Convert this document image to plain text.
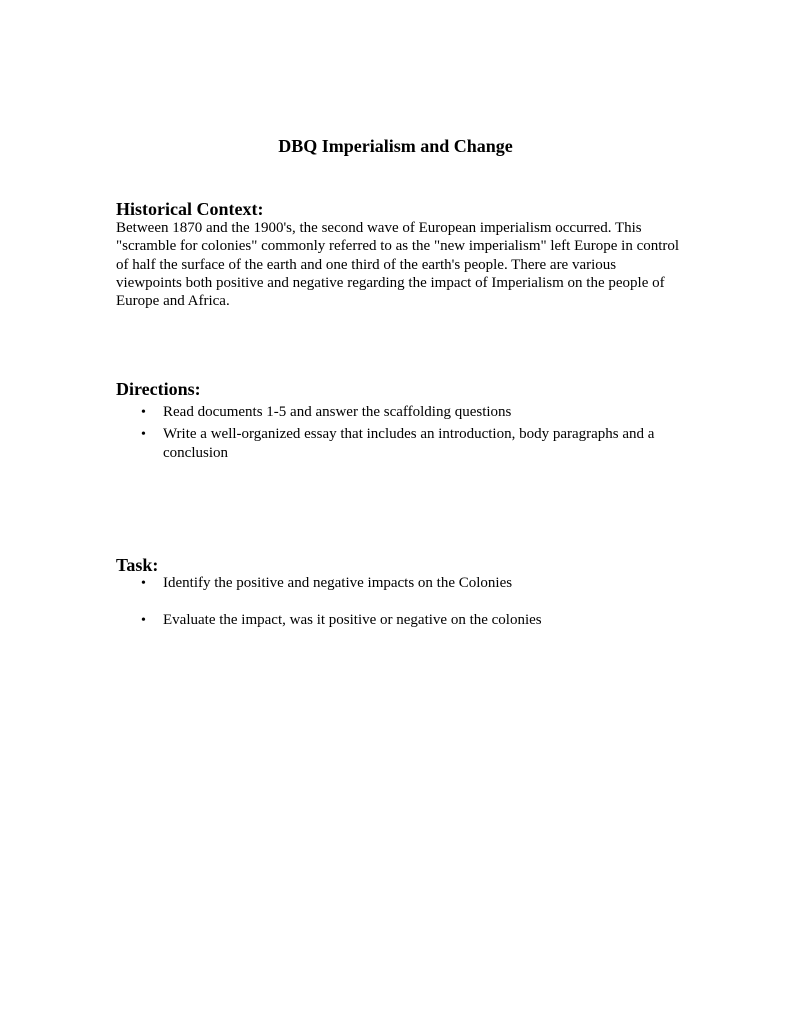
DBQ Imperialism and Change
Historical Context:
Between 1870 and the 1900's, the second wave of European imperialism occurred. This "scramble for colonies" commonly referred to as the "new imperialism" left Europe in control of half the surface of the earth and one third of the earth's people. There are various viewpoints both positive and negative regarding the impact of Imperialism on the people of Europe and Africa.
Directions:
• Read documents 1-5 and answer the scaffolding questions
• Write a well-organized essay that includes an introduction, body paragraphs and a conclusion
Task:
• Identify the positive and negative impacts on the Colonies
• Evaluate the impact, was it positive or negative on the colonies
